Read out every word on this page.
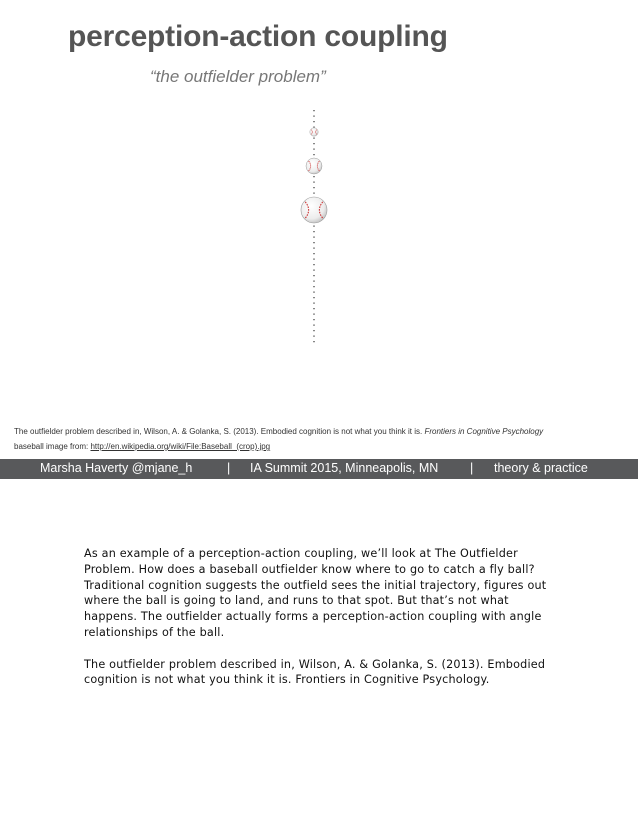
perception-action coupling
“the outfielder problem”
The outfielder problem described in, Wilson, A. & Golanka, S. (2013). Embodied cognition is not what you think it is. Frontiers in Cognitive Psychology
baseball image from: http://en.wikipedia.org/wiki/File:Baseball_(crop).jpg
Marsha Haverty @mjane_h	| IA Summit 2015, Minneapolis, MN	| theory & practice

As an example of a perception-action coupling, we’ll look at The Outfielder Problem. How does a baseball outfielder know where to go to catch a fly ball? Traditional cognition suggests the outfield sees the initial trajectory, figures out where the ball is going to land, and runs to that spot. But that’s not what happens. The outfielder actually forms a perception-action coupling with angle relationships of the ball.

The outfielder problem described in, Wilson, A. & Golanka, S. (2013). Embodied cognition is not what you think it is. Frontiers in Cognitive Psychology.
